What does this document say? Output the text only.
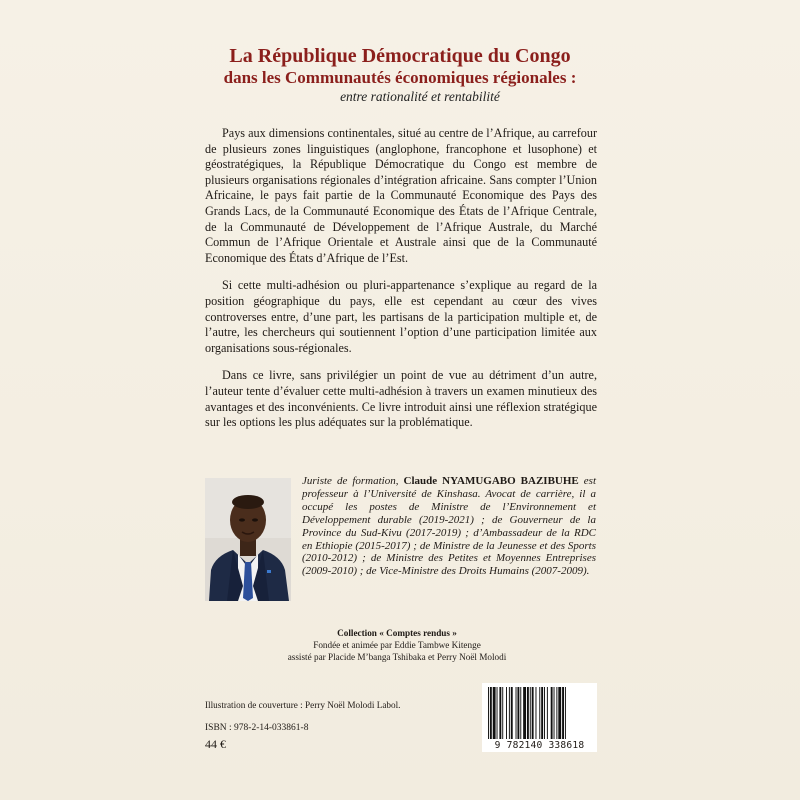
La République Démocratique du Congo
dans les Communautés économiques régionales :

entre rationalité et rentabilité

Pays aux dimensions continentales, situé au centre de l’Afrique, au carrefour de plusieurs zones linguistiques (anglophone, francophone et lusophone) et géostratégiques, la République Démocratique du Congo est membre de plusieurs organisations régionales d’intégration africaine. Sans compter l’Union Africaine, le pays fait partie de la Communauté Economique des Pays des Grands Lacs, de la Communauté Economique des États de l’Afrique Centrale, de la Communauté de Développement de l’Afrique Australe, du Marché Commun de l’Afrique Orientale et Australe ainsi que de la Communauté Economique des États d’Afrique de l’Est.

Si cette multi-adhésion ou pluri-appartenance s’explique au regard de la position géographique du pays, elle est cependant au cœur des vives controverses entre, d’une part, les partisans de la participation multiple et, de l’autre, les chercheurs qui soutiennent l’option d’une participation limitée aux organisations sous-régionales.

Dans ce livre, sans privilégier un point de vue au détriment d’un autre, l’auteur tente d’évaluer cette multi-adhésion à travers un examen minutieux des avantages et des inconvénients. Ce livre introduit ainsi une réflexion stratégique sur les options les plus adéquates sur la problématique.

Juriste de formation, Claude NYAMUGABO BAZIBUHE est professeur à l’Université de Kinshasa. Avocat de carrière, il a occupé les postes de Ministre de l’Environnement et Développement durable (2019-2021) ; de Gouverneur de la Province du Sud-Kivu (2017-2019) ; d’Ambassadeur de la RDC en Ethiopie (2015-2017) ; de Ministre de la Jeunesse et des Sports (2010-2012) ; de Ministre des Petites et Moyennes Entreprises (2009-2010) ; de Vice-Ministre des Droits Humains (2007-2009).
Collection « Comptes rendus »
Fondée et animée par Eddie Tambwe Kitenge
assisté par Placide M’banga Tshibaka et Perry Noël Molodi
Illustration de couverture : Perry Noël Molodi Labol.
ISBN : 978-2-14-033861-8
44 €	9 782140 338618
